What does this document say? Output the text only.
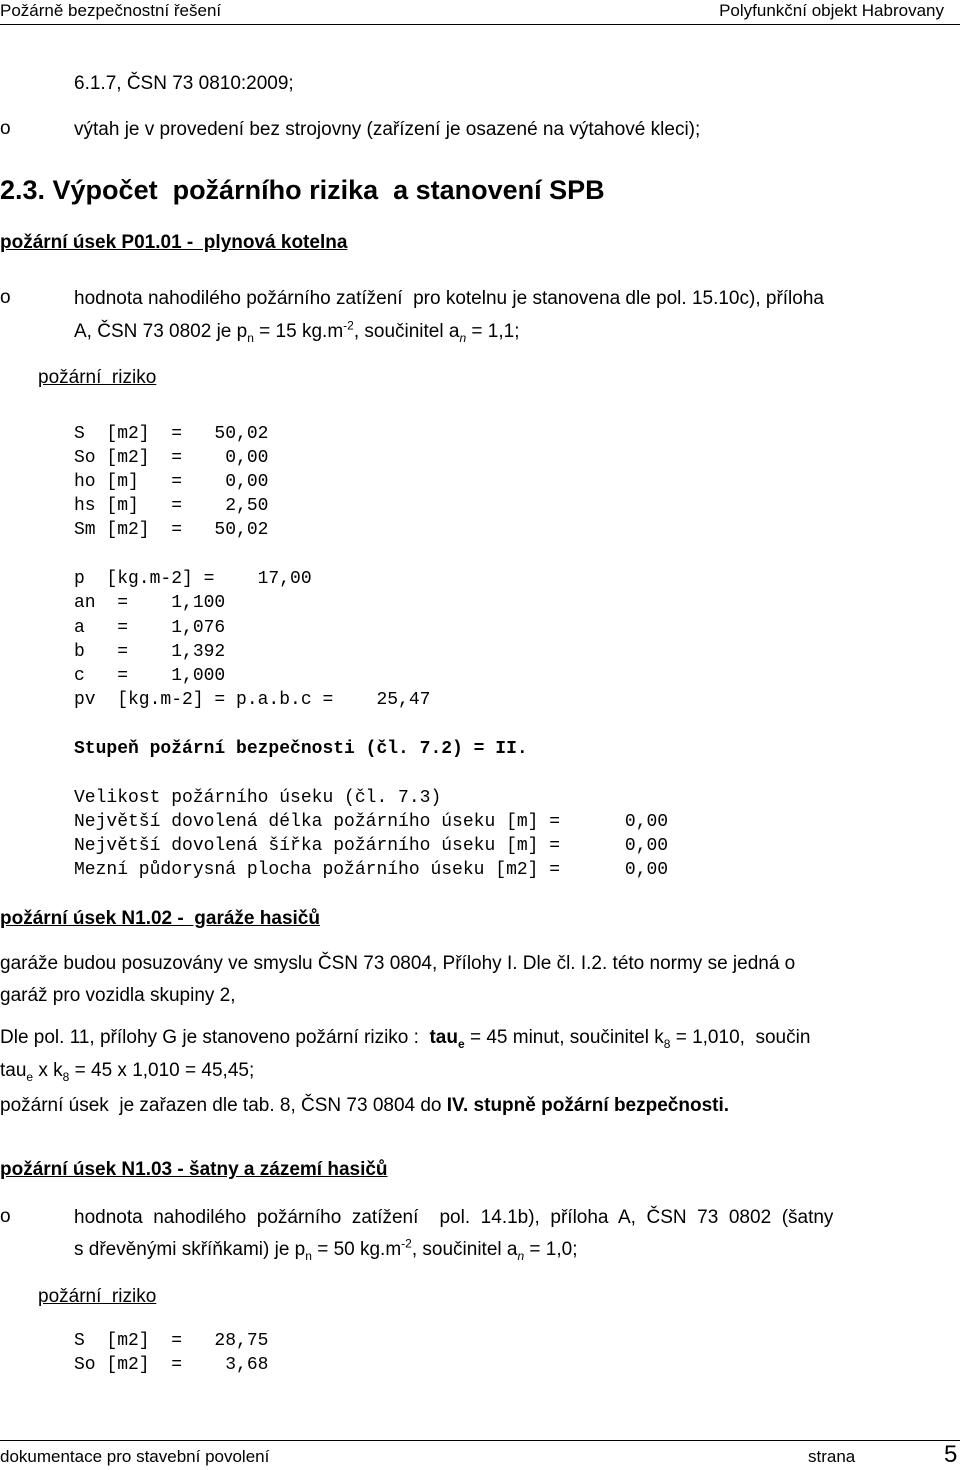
Požárně bezpečnostní řešení	Polyfunkční objekt Habrovany
6.1.7, ČSN 73 0810:2009;
o	výtah je v provedení bez strojovny (zařízení je osazené na výtahové kleci);
2.3. Výpočet  požárního rizika  a stanovení SPB
požární úsek P01.01 -  plynová kotelna
o	hodnota nahodilého požárního zatížení  pro kotelnu je stanovena dle pol. 15.10c), příloha
A, ČSN 73 0802 je $p_n = 15$ $kg.m^{-2}$, součinitel $a_n = 1,1$;
požární  riziko
S  [m2]  =   50,02
So [m2]  =    0,00
ho [m]   =    0,00
hs [m]   =    2,50
Sm [m2]  =   50,02
p  [kg.m-2] =    17,00
an  =    1,100
a   =    1,076
b   =    1,392
c   =    1,000
pv  [kg.m-2] = p.a.b.c =    25,47
Stupeň požární bezpečnosti (čl. 7.2) = II.
Velikost požárního úseku (čl. 7.3)
Největší dovolená délka požárního úseku [m] =      0,00
Největší dovolená šířka požárního úseku [m] =      0,00
Mezní půdorysná plocha požárního úseku [m2] =      0,00
požární úsek N1.02 -  garáže hasičů
garáže budou posuzovány ve smyslu ČSN 73 0804, Přílohy I. Dle čl. I.2. této normy se jedná o
garáž pro vozidla skupiny 2,
Dle pol. 11, přílohy G je stanoveno požární riziko :  tau$_e$ = 45 minut, součinitel $k_8 = 1,010$,  součin
tau$_e$ x $k_8 = 45$ x 1,010 = 45,45;
požární úsek  je zařazen dle tab. 8, ČSN 73 0804 do IV. stupně požární bezpečnosti.
požární úsek N1.03 - šatny a zázemí hasičů
o	hodnota  nahodilého  požárního  zatížení    pol.  14.1b),  příloha  A,  ČSN  73  0802  (šatny
s dřevěnými skříňkami) je $p_n = 50$ $kg.m^{-2}$, součinitel $a_n = 1,0$;
požární  riziko
S  [m2]  =   28,75
So [m2]  =    3,68
dokumentace pro stavební povolení	strana	5
